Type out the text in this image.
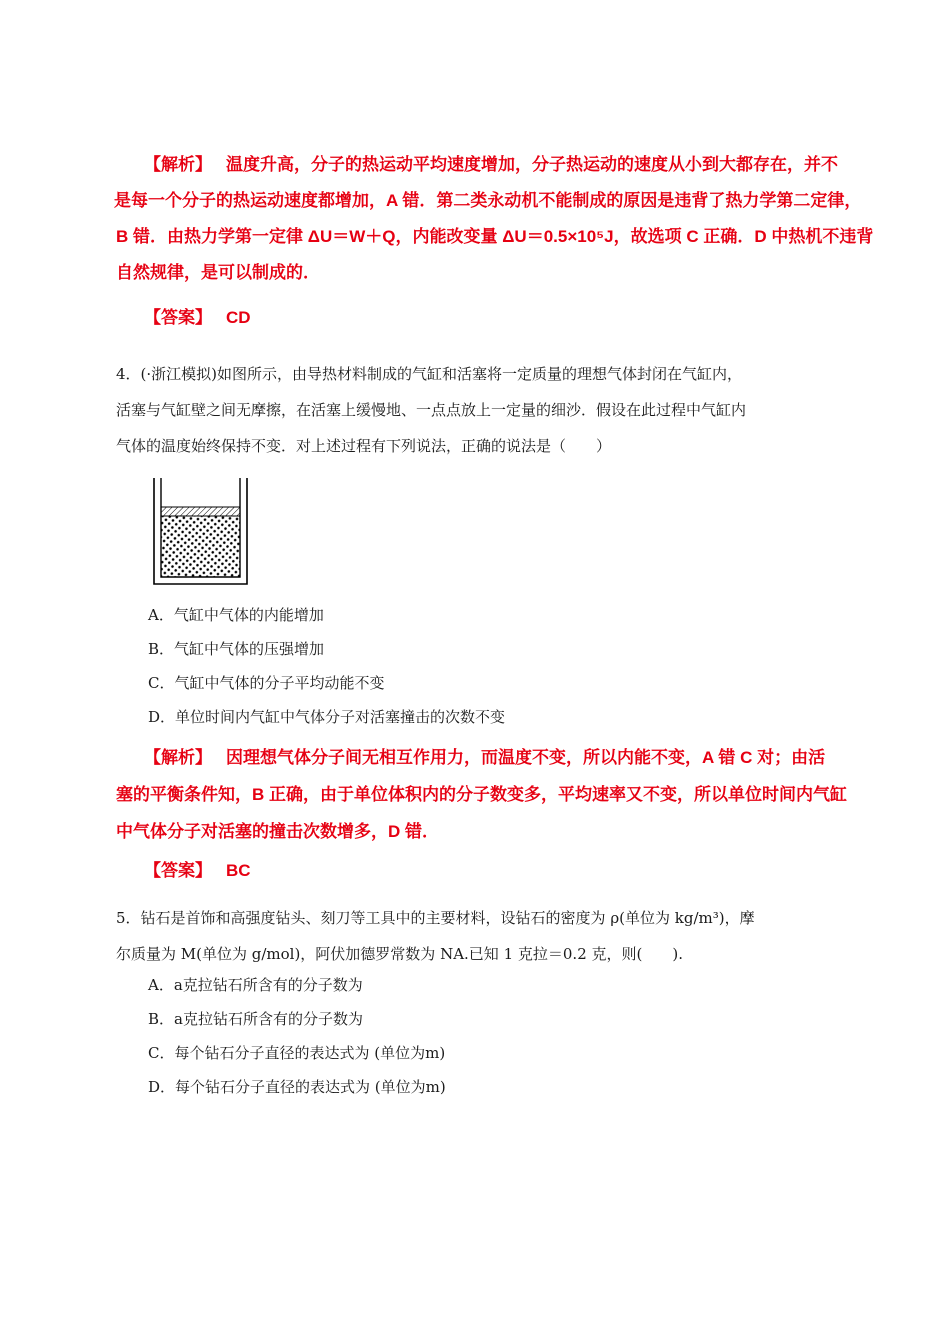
【解析】 温度升高，分子的热运动平均速度增加，分子热运动的速度从小到大都存在，并不
是每一个分子的热运动速度都增加，A 错．第二类永动机不能制成的原因是违背了热力学第二定律，
B 错．由热力学第一定律 ΔU＝W＋Q，内能改变量 ΔU＝0.5×10⁵J，故选项 C 正确．D 中热机不违背
自然规律，是可以制成的．
【答案】 CD
4．(·浙江模拟)如图所示，由导热材料制成的气缸和活塞将一定质量的理想气体封闭在气缸内，
活塞与气缸壁之间无摩擦，在活塞上缓慢地、一点点放上一定量的细沙．假设在此过程中气缸内
气体的温度始终保持不变．对上述过程有下列说法，正确的说法是（　　）
A．气缸中气体的内能增加
B．气缸中气体的压强增加
C．气缸中气体的分子平均动能不变
D．单位时间内气缸中气体分子对活塞撞击的次数不变
【解析】 因理想气体分子间无相互作用力，而温度不变，所以内能不变，A 错 C 对；由活
塞的平衡条件知，B 正确，由于单位体积内的分子数变多，平均速率又不变，所以单位时间内气缸
中气体分子对活塞的撞击次数增多，D 错．
【答案】 BC
5．钻石是首饰和高强度钻头、刻刀等工具中的主要材料，设钻石的密度为 ρ(单位为 kg/m³)，摩
尔质量为 M(单位为 g/mol)，阿伏加德罗常数为 NA.已知 1 克拉＝0.2 克，则(　　).
A．a克拉钻石所含有的分子数为
B．a克拉钻石所含有的分子数为
C．每个钻石分子直径的表达式为 (单位为m)
D．每个钻石分子直径的表达式为 (单位为m)
